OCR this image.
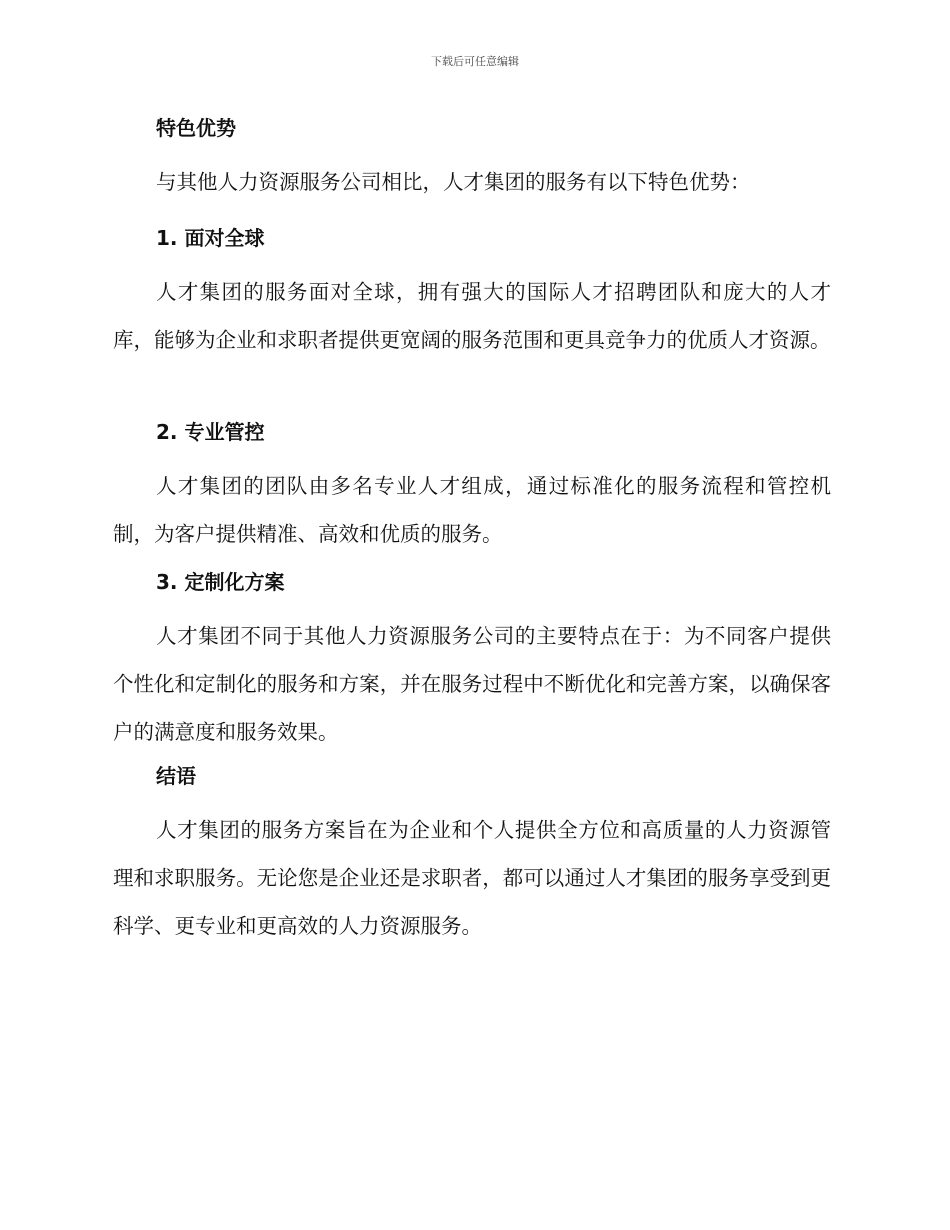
下载后可任意编辑
特色优势
与其他人力资源服务公司相比，人才集团的服务有以下特色优势：
1. 面对全球
人才集团的服务面对全球，拥有强大的国际人才招聘团队和庞大的人才库，能够为企业和求职者提供更宽阔的服务范围和更具竞争力的优质人才资源。
2. 专业管控
人才集团的团队由多名专业人才组成，通过标准化的服务流程和管控机制，为客户提供精准、高效和优质的服务。
3. 定制化方案
人才集团不同于其他人力资源服务公司的主要特点在于：为不同客户提供个性化和定制化的服务和方案，并在服务过程中不断优化和完善方案，以确保客户的满意度和服务效果。
结语
人才集团的服务方案旨在为企业和个人提供全方位和高质量的人力资源管理和求职服务。无论您是企业还是求职者，都可以通过人才集团的服务享受到更科学、更专业和更高效的人力资源服务。
